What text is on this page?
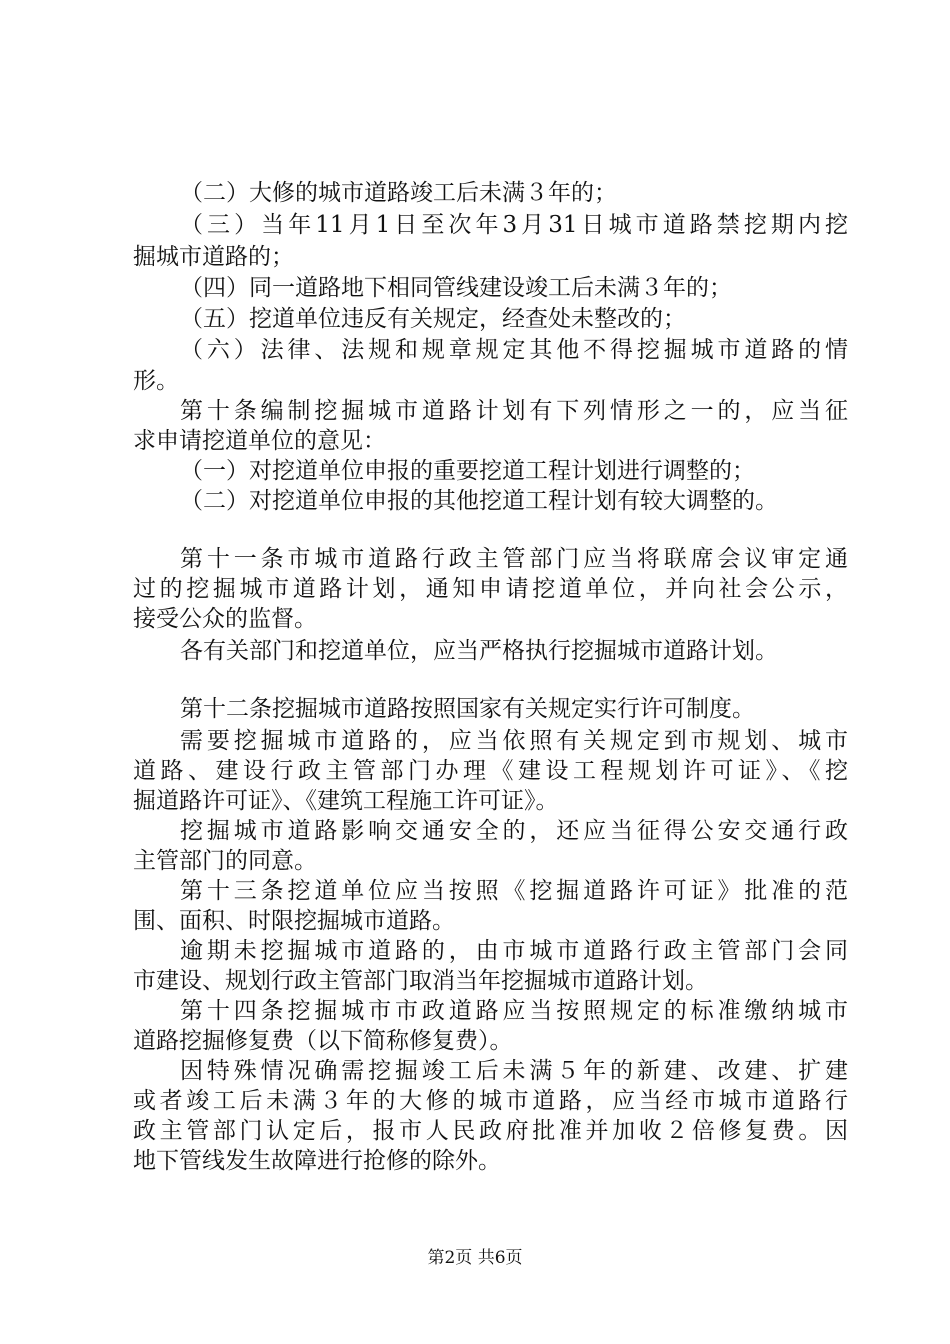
（二）大修的城市道路竣工后未满３年的；
（三）当年11月1日至次年3月31日城市道路禁挖期内挖
掘城市道路的；
（四）同一道路地下相同管线建设竣工后未满３年的；
（五）挖道单位违反有关规定，经查处未整改的；
（六）法律、法规和规章规定其他不得挖掘城市道路的情
形。
第十条编制挖掘城市道路计划有下列情形之一的，应当征
求申请挖道单位的意见：
（一）对挖道单位申报的重要挖道工程计划进行调整的；
（二）对挖道单位申报的其他挖道工程计划有较大调整的。
第十一条市城市道路行政主管部门应当将联席会议审定通
过的挖掘城市道路计划，通知申请挖道单位，并向社会公示，
接受公众的监督。
各有关部门和挖道单位，应当严格执行挖掘城市道路计划。
第十二条挖掘城市道路按照国家有关规定实行许可制度。
需要挖掘城市道路的，应当依照有关规定到市规划、城市
道路、建设行政主管部门办理《建设工程规划许可证》、《挖
掘道路许可证》、《建筑工程施工许可证》。
挖掘城市道路影响交通安全的，还应当征得公安交通行政
主管部门的同意。
第十三条挖道单位应当按照《挖掘道路许可证》批准的范
围、面积、时限挖掘城市道路。
逾期未挖掘城市道路的，由市城市道路行政主管部门会同
市建设、规划行政主管部门取消当年挖掘城市道路计划。
第十四条挖掘城市市政道路应当按照规定的标准缴纳城市
道路挖掘修复费（以下简称修复费）。
因特殊情况确需挖掘竣工后未满５年的新建、改建、扩建
或者竣工后未满３年的大修的城市道路，应当经市城市道路行
政主管部门认定后，报市人民政府批准并加收２倍修复费。因
地下管线发生故障进行抢修的除外。
第2页 共6页
